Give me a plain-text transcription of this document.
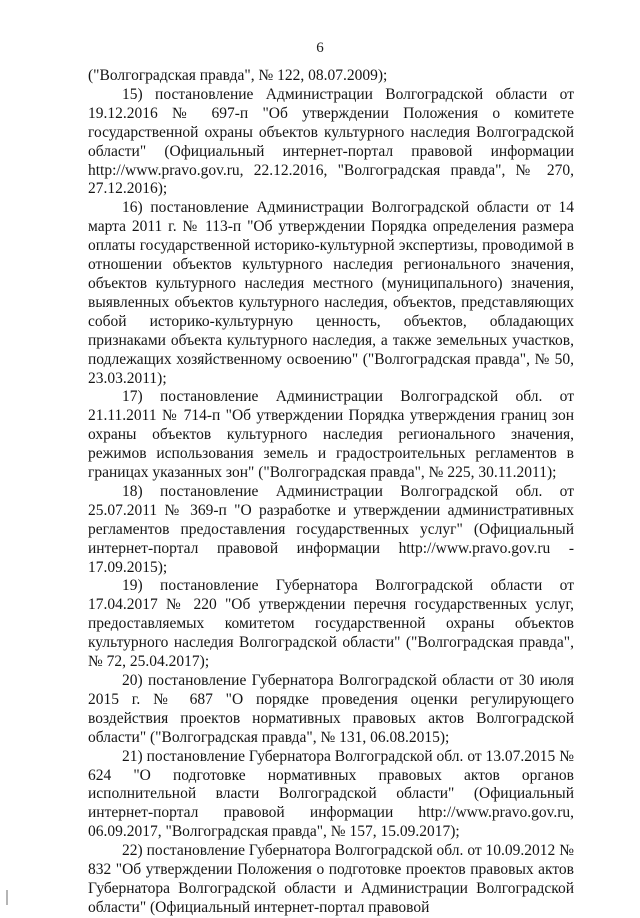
6

("Волгоградская правда", № 122, 08.07.2009);

15) постановление Администрации Волгоградской области от 19.12.2016 № 697-п "Об утверждении Положения о комитете государственной охраны объектов культурного наследия Волгоградской области" (Официальный интернет-портал правовой информации http://www.pravo.gov.ru, 22.12.2016, "Волгоградская правда", № 270, 27.12.2016);

16) постановление Администрации Волгоградской области от 14 марта 2011 г. № 113-п "Об утверждении Порядка определения размера оплаты государственной историко-культурной экспертизы, проводимой в отношении объектов культурного наследия регионального значения, объектов культурного наследия местного (муниципального) значения, выявленных объектов культурного наследия, объектов, представляющих собой историко-культурную ценность, объектов, обладающих признаками объекта культурного наследия, а также земельных участков, подлежащих хозяйственному освоению" ("Волгоградская правда", № 50, 23.03.2011);

17) постановление Администрации Волгоградской обл. от 21.11.2011 № 714-п "Об утверждении Порядка утверждения границ зон охраны объектов культурного наследия регионального значения, режимов использования земель и градостроительных регламентов в границах указанных зон" ("Волгоградская правда", № 225, 30.11.2011);

18) постановление Администрации Волгоградской обл. от 25.07.2011 № 369-п "О разработке и утверждении административных регламентов предоставления государственных услуг" (Официальный интернет-портал правовой информации http://www.pravo.gov.ru - 17.09.2015);

19) постановление Губернатора Волгоградской области от 17.04.2017 № 220 "Об утверждении перечня государственных услуг, предоставляемых комитетом государственной охраны объектов культурного наследия Волгоградской области" ("Волгоградская правда", № 72, 25.04.2017);

20) постановление Губернатора Волгоградской области от 30 июля 2015 г. № 687 "О порядке проведения оценки регулирующего воздействия проектов нормативных правовых актов Волгоградской области" ("Волгоградская правда", № 131, 06.08.2015);

21) постановление Губернатора Волгоградской обл. от 13.07.2015 № 624 "О подготовке нормативных правовых актов органов исполнительной власти Волгоградской области" (Официальный интернет-портал правовой информации http://www.pravo.gov.ru, 06.09.2017, "Волгоградская правда", № 157, 15.09.2017);

22) постановление Губернатора Волгоградской обл. от 10.09.2012 № 832 "Об утверждении Положения о подготовке проектов правовых актов Губернатора Волгоградской области и Администрации Волгоградской области" (Официальный интернет-портал правовой
